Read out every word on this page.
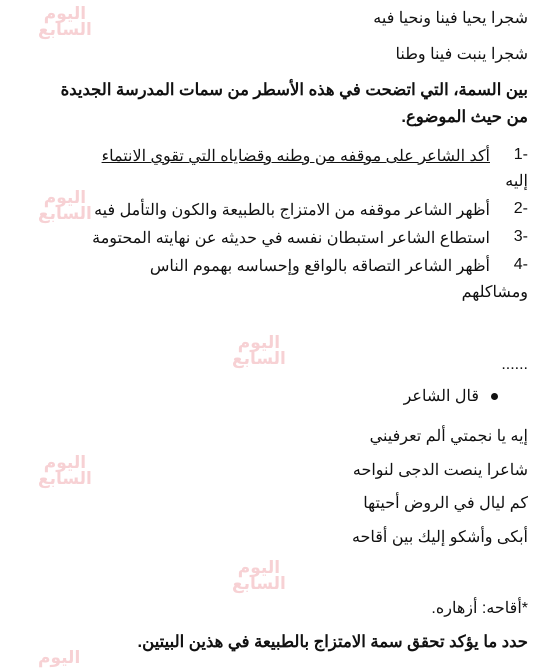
اليوم
السابع
اليوم
السابع
اليوم
السابع
اليوم
السابع
اليوم
السابع
اليوم
شجرا يحيا فينا ونحيا فيه
شجرا ينبت فينا وطنا
بين السمة، التي اتضحت في هذه الأسطر من سمات المدرسة الجديدة
من حيث الموضوع.
-1
أكد الشاعر على موقفه من وطنه وقضاياه التي تقوي الانتماء
إليه
-2
أظهر الشاعر موقفه من الامتزاج بالطبيعة والكون والتأمل فيه
-3
استطاع الشاعر استبطان نفسه في حديثه عن نهايته المحتومة
-4
أظهر الشاعر التصاقه بالواقع وإحساسه بهموم الناس
ومشاكلهم
......
قال الشاعر
إيه يا نجمتي ألم تعرفيني
شاعرا ينصت الدجى لنواحه
كم ليال في الروض أحيتها
أبكى وأشكو إليك بين أقاحه
*أقاحه: أزهاره.
حدد ما يؤكد تحقق سمة الامتزاج بالطبيعة في هذين البيتين.
